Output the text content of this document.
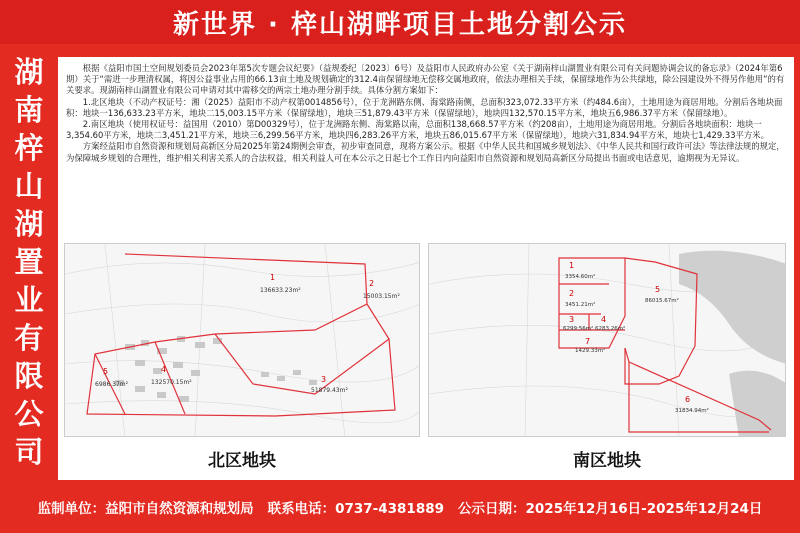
新世界 · 梓山湖畔项目土地分割公示
湖
南
梓
山
湖
置
业
有
限
公
司

根据《益阳市国土空间规划委员会2023年第5次专题会议纪要》（益规委纪〔2023〕6号）及益阳市人民政府办公室《关于湖南梓山湖置业有限公司有关问题协调会议的备忘录》（2024年第6期）关于“需进一步理清权属，将因公益事业占用的66.13亩土地及规划确定的312.4亩保留绿地无偿移交属地政府，依法办理相关手续，保留绿地作为公共绿地，除公园建设外不得另作他用”的有关要求。现湖南梓山湖置业有限公司申请对其中需移交的两宗土地办理分割手续。具体分割方案如下：

1.北区地块（不动产权证号：湘（2025）益阳市不动产权第0014856号），位于龙洲路东侧、海棠路南侧，总面积323,072.33平方米（约484.6亩），土地用途为商居用地。分割后各地块面积：地块一136,633.23平方米，地块二15,003.15平方米（保留绿地），地块三51,879.43平方米（保留绿地），地块四132,570.15平方米，地块五6,986.37平方米（保留绿地）。

2.南区地块（使用权证号：益国用（2010）第D00329号），位于龙洲路东侧、海棠路以南，总面积138,668.57平方米（约208亩），土地用途为商居用地。分割后各地块面积：地块一3,354.60平方米，地块二3,451.21平方米，地块三6,299.56平方米，地块四6,283.26平方米，地块五86,015.67平方米（保留绿地），地块六31,834.94平方米，地块七1,429.33平方米。

方案经益阳市自然资源和规划局高新区分局2025年第24期例会审查，初步审查同意，现将方案公示。根据《中华人民共和国城乡规划法》、《中华人民共和国行政许可法》等法律法规的规定，为保障城乡规划的合理性，维护相关利害关系人的合法权益，相关利益人可在本公示之日起七个工作日内向益阳市自然资源和规划局高新区分局提出书面或电话意见，逾期视为无异议。

1
136633.23m²
2
15003.15m²
3
51879.43m²
4
132570.15m²
5
6986.37m²
北区地块
1
3354.60m²
2
3451.21m²
3
6299.56m²
4
6283.26m²
5
86015.67m²
6
31834.94m²
7
1429.33m²
南区地块
监制单位：益阳市自然资源和规划局 联系电话：0737-4381889 公示日期：2025年12月16日-2025年12月24日
